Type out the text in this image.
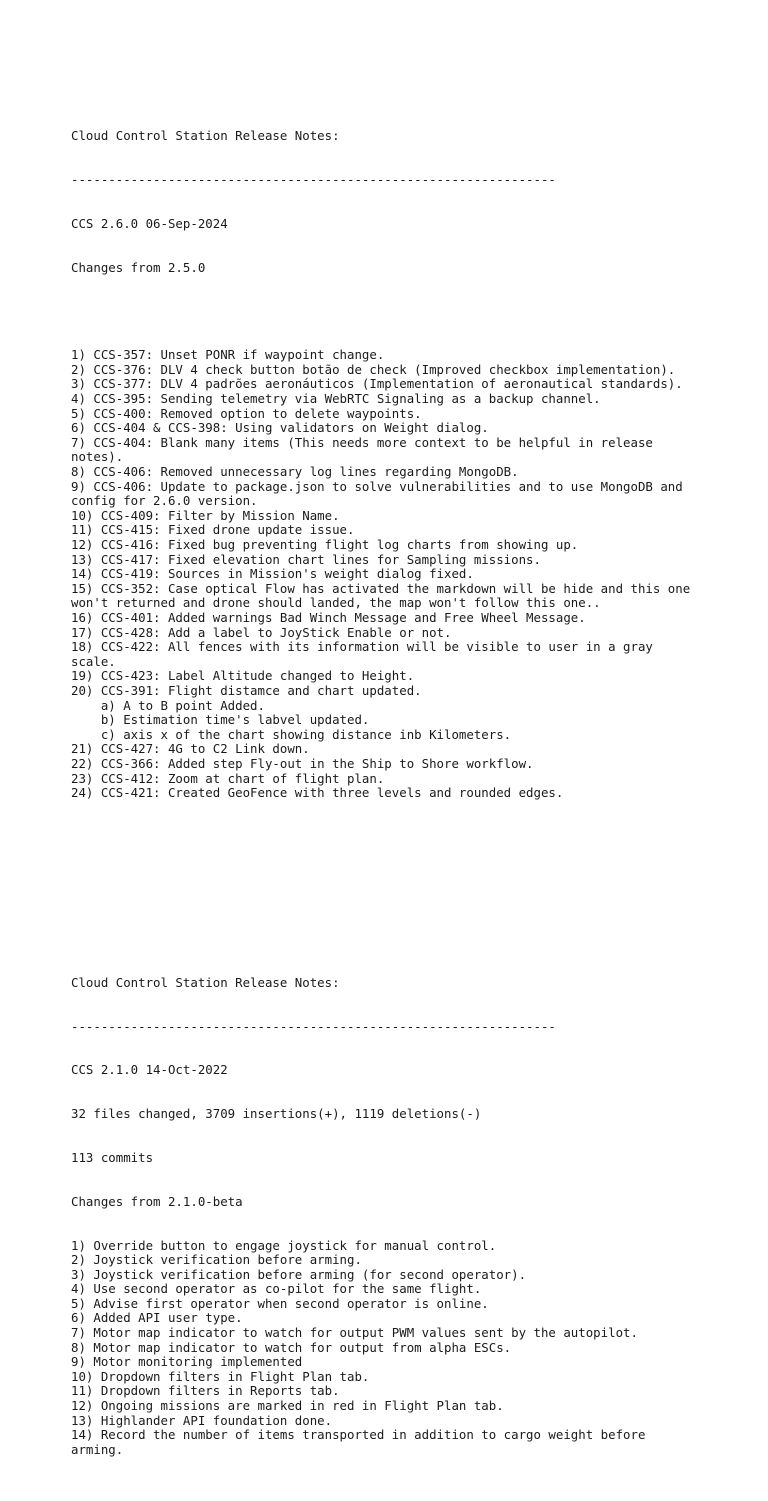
Cloud Control Station Release Notes:

-----------------------------------------------------------------

CCS 2.6.0 06-Sep-2024

Changes from 2.5.0

1) CCS-357: Unset PONR if waypoint change.
2) CCS-376: DLV 4 check button botão de check (Improved checkbox implementation).
3) CCS-377: DLV 4 padrões aeronáuticos (Implementation of aeronautical standards).
4) CCS-395: Sending telemetry via WebRTC Signaling as a backup channel.
5) CCS-400: Removed option to delete waypoints.
6) CCS-404 & CCS-398: Using validators on Weight dialog.
7) CCS-404: Blank many items (This needs more context to be helpful in release
notes).
8) CCS-406: Removed unnecessary log lines regarding MongoDB.
9) CCS-406: Update to package.json to solve vulnerabilities and to use MongoDB and
config for 2.6.0 version.
10) CCS-409: Filter by Mission Name.
11) CCS-415: Fixed drone update issue.
12) CCS-416: Fixed bug preventing flight log charts from showing up.
13) CCS-417: Fixed elevation chart lines for Sampling missions.
14) CCS-419: Sources in Mission's weight dialog fixed.
15) CCS-352: Case optical Flow has activated the markdown will be hide and this one
won't returned and drone should landed, the map won't follow this one..
16) CCS-401: Added warnings Bad Winch Message and Free Wheel Message.
17) CCS-428: Add a label to JoyStick Enable or not.
18) CCS-422: All fences with its information will be visible to user in a gray
scale.
19) CCS-423: Label Altitude changed to Height.
20) CCS-391: Flight distamce and chart updated.
a) A to B point Added.
b) Estimation time's labvel updated.
c) axis x of the chart showing distance inb Kilometers.
21) CCS-427: 4G to C2 Link down.
22) CCS-366: Added step Fly-out in the Ship to Shore workflow.
23) CCS-412: Zoom at chart of flight plan.
24) CCS-421: Created GeoFence with three levels and rounded edges.

Cloud Control Station Release Notes:

-----------------------------------------------------------------

CCS 2.1.0 14-Oct-2022

32 files changed, 3709 insertions(+), 1119 deletions(-)

113 commits

Changes from 2.1.0-beta

1) Override button to engage joystick for manual control.
2) Joystick verification before arming.
3) Joystick verification before arming (for second operator).
4) Use second operator as co-pilot for the same flight.
5) Advise first operator when second operator is online.
6) Added API user type.
7) Motor map indicator to watch for output PWM values sent by the autopilot.
8) Motor map indicator to watch for output from alpha ESCs.
9) Motor monitoring implemented
10) Dropdown filters in Flight Plan tab.
11) Dropdown filters in Reports tab.
12) Ongoing missions are marked in red in Flight Plan tab.
13) Highlander API foundation done.
14) Record the number of items transported in addition to cargo weight before
arming.
